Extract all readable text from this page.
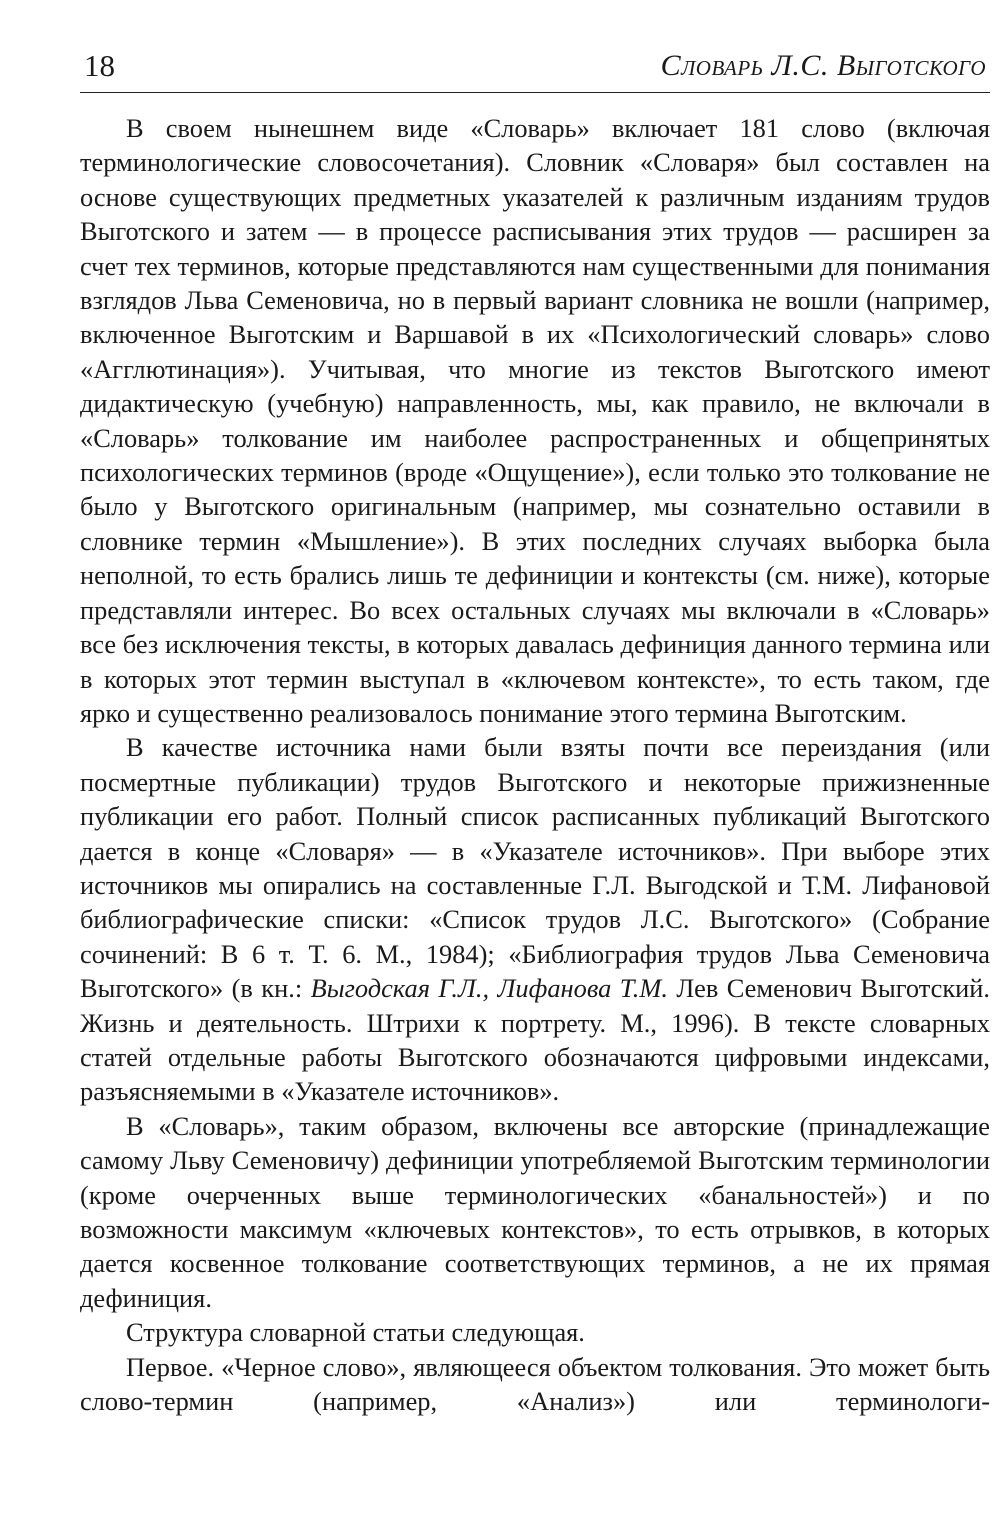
18	Словарь Л.С. Выготского

В своем нынешнем виде «Словарь» включает 181 слово (включая терминологические словосочетания). Словник «Словаря» был составлен на основе существующих предметных указателей к различным изданиям трудов Выготского и затем — в процессе расписывания этих трудов — расширен за счет тех терминов, которые представляются нам существенными для понимания взглядов Льва Семеновича, но в первый вариант словника не вошли (например, включенное Выготским и Варшавой в их «Психологический словарь» слово «Агглютинация»). Учитывая, что многие из текстов Выготского имеют дидактическую (учебную) направленность, мы, как правило, не включали в «Словарь» толкование им наиболее распространенных и общепринятых психологических терминов (вроде «Ощущение»), если только это толкование не было у Выготского оригинальным (например, мы сознательно оставили в словнике термин «Мышление»). В этих последних случаях выборка была неполной, то есть брались лишь те дефиниции и контексты (см. ниже), которые представляли интерес. Во всех остальных случаях мы включали в «Словарь» все без исключения тексты, в которых давалась дефиниция данного термина или в которых этот термин выступал в «ключевом контексте», то есть таком, где ярко и существенно реализовалось понимание этого термина Выготским.

В качестве источника нами были взяты почти все переиздания (или посмертные публикации) трудов Выготского и некоторые прижизненные публикации его работ. Полный список расписанных публикаций Выготского дается в конце «Словаря» — в «Указателе источников». При выборе этих источников мы опирались на составленные Г.Л. Выгодской и Т.М. Лифановой библиографические списки: «Список трудов Л.С. Выготского» (Собрание сочинений: В 6 т. Т. 6. М., 1984); «Библиография трудов Льва Семеновича Выготского» (в кн.: Выгодская Г.Л., Лифанова Т.М. Лев Семенович Выготский. Жизнь и деятельность. Штрихи к портрету. М., 1996). В тексте словарных статей отдельные работы Выготского обозначаются цифровыми индексами, разъясняемыми в «Указателе источников».

В «Словарь», таким образом, включены все авторские (принадлежащие самому Льву Семеновичу) дефиниции употребляемой Выготским терминологии (кроме очерченных выше терминологических «банальностей») и по возможности максимум «ключевых контекстов», то есть отрывков, в которых дается косвенное толкование соответствующих терминов, а не их прямая дефиниция.

Структура словарной статьи следующая.

Первое. «Черное слово», являющееся объектом толкования. Это может быть слово-термин (например, «Анализ») или терминологи-
